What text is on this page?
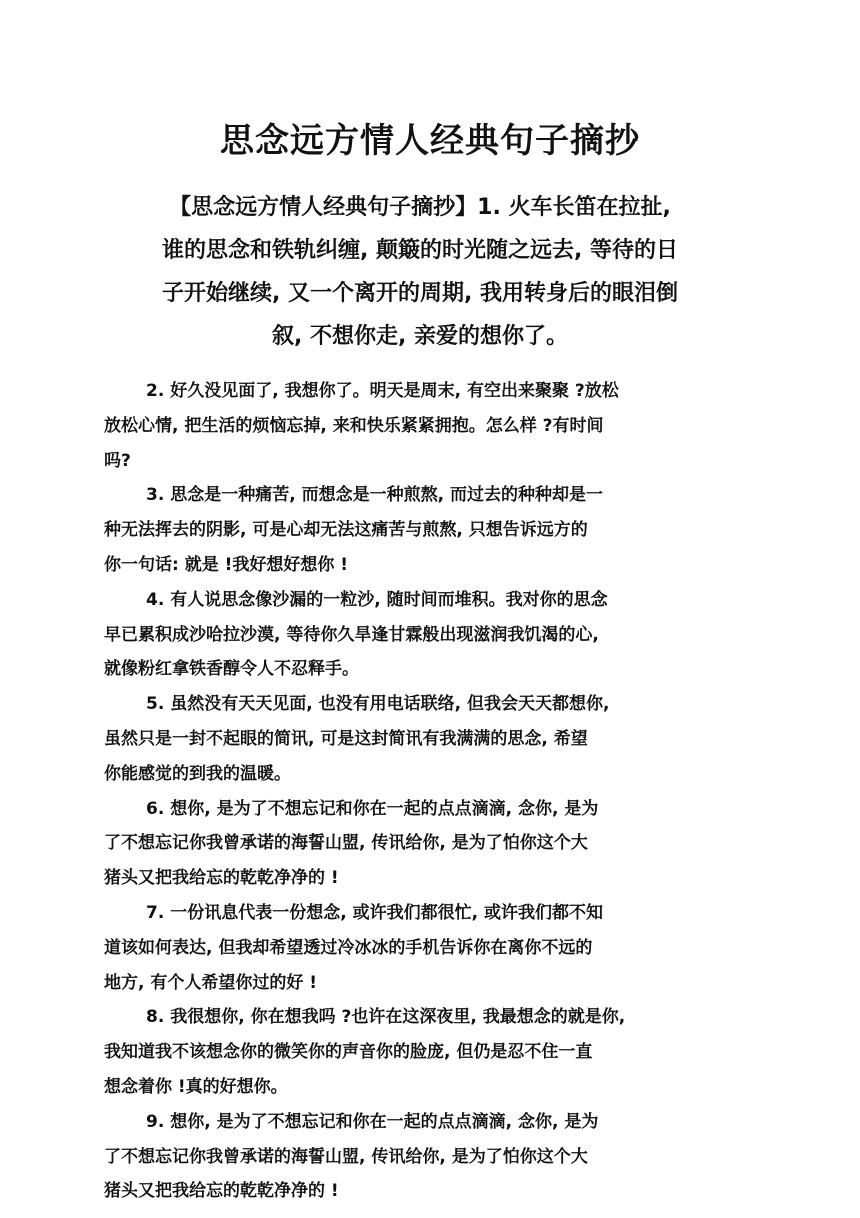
思念远方情人经典句子摘抄
【思念远方情人经典句子摘抄】1. 火车长笛在拉扯,
谁的思念和铁轨纠缠, 颠簸的时光随之远去, 等待的日
子开始继续, 又一个离开的周期, 我用转身后的眼泪倒
叙, 不想你走, 亲爱的想你了。

2. 好久没见面了, 我想你了。明天是周末, 有空出来聚聚 ?放松
放松心情, 把生活的烦恼忘掉, 来和快乐紧紧拥抱。怎么样 ?有时间
吗?

3. 思念是一种痛苦, 而想念是一种煎熬, 而过去的种种却是一
种无法挥去的阴影, 可是心却无法这痛苦与煎熬, 只想告诉远方的
你一句话: 就是 !我好想好想你 !

4. 有人说思念像沙漏的一粒沙, 随时间而堆积。我对你的思念
早已累积成沙哈拉沙漠, 等待你久旱逢甘霖般出现滋润我饥渴的心,
就像粉红拿铁香醇令人不忍释手。

5. 虽然没有天天见面, 也没有用电话联络, 但我会天天都想你,
虽然只是一封不起眼的简讯, 可是这封简讯有我满满的思念, 希望
你能感觉的到我的温暖。

6. 想你, 是为了不想忘记和你在一起的点点滴滴, 念你, 是为
了不想忘记你我曾承诺的海誓山盟, 传讯给你, 是为了怕你这个大
猪头又把我给忘的乾乾净净的 !

7. 一份讯息代表一份想念, 或许我们都很忙, 或许我们都不知
道该如何表达, 但我却希望透过冷冰冰的手机告诉你在离你不远的
地方, 有个人希望你过的好 !

8. 我很想你, 你在想我吗 ?也许在这深夜里, 我最想念的就是你,
我知道我不该想念你的微笑你的声音你的脸庞, 但仍是忍不住一直
想念着你 !真的好想你。

9. 想你, 是为了不想忘记和你在一起的点点滴滴, 念你, 是为
了不想忘记你我曾承诺的海誓山盟, 传讯给你, 是为了怕你这个大
猪头又把我给忘的乾乾净净的 !
